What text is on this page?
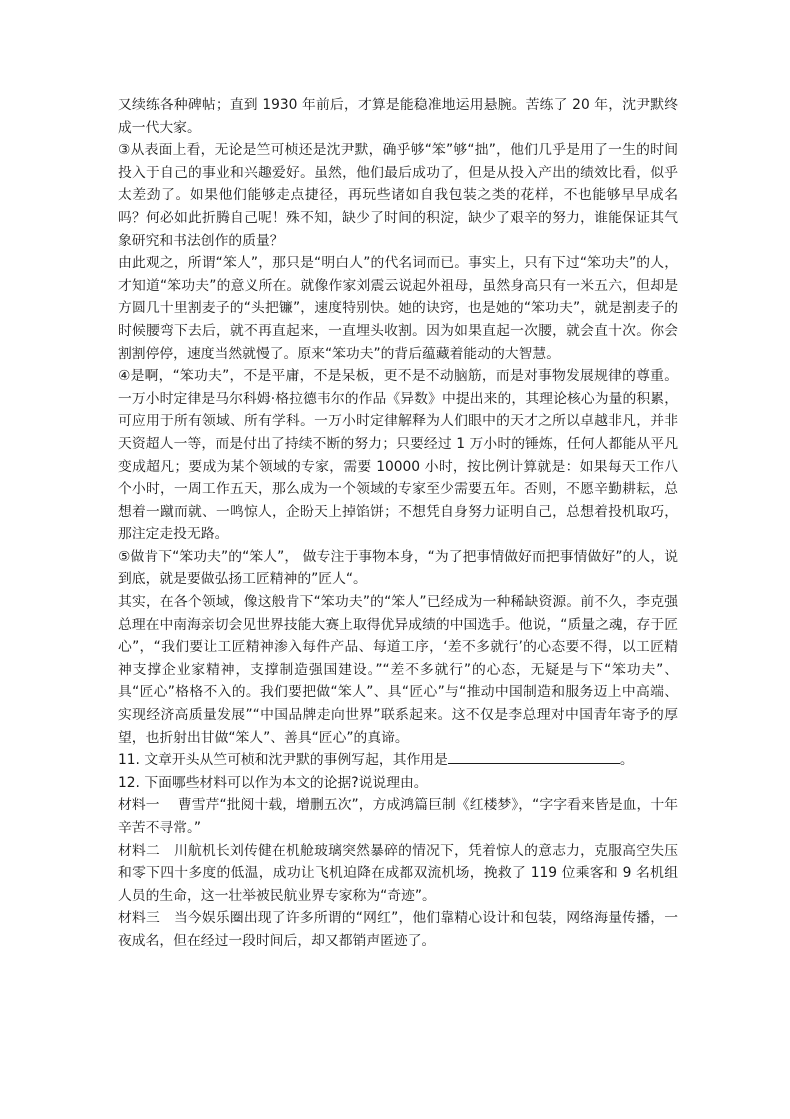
又续练各种碑帖；直到 1930 年前后，才算是能稳准地运用悬腕。苦练了 20 年，沈尹默终成一代大家。

③从表面上看，无论是竺可桢还是沈尹默，确乎够“笨”够“拙”，他们几乎是用了一生的时间投入于自己的事业和兴趣爱好。虽然，他们最后成功了，但是从投入产出的绩效比看，似乎太差劲了。如果他们能够走点捷径，再玩些诸如自我包装之类的花样，不也能够早早成名吗？何必如此折腾自己呢！殊不知，缺少了时间的积淀，缺少了艰辛的努力，谁能保证其气象研究和书法创作的质量？

由此观之，所谓“笨人”，那只是“明白人”的代名词而已。事实上，只有下过“笨功夫”的人，才知道“笨功夫”的意义所在。就像作家刘震云说起外祖母，虽然身高只有一米五六，但却是方圆几十里割麦子的“头把镰”，速度特别快。她的诀窍，也是她的“笨功夫”，就是割麦子的时候腰弯下去后，就不再直起来，一直埋头收割。因为如果直起一次腰，就会直十次。你会割割停停，速度当然就慢了。原来“笨功夫”的背后蕴藏着能动的大智慧。

④是啊，“笨功夫”，不是平庸，不是呆板，更不是不动脑筋，而是对事物发展规律的尊重。一万小时定律是马尔科姆·格拉德韦尔的作品《异数》中提出来的，其理论核心为量的积累，可应用于所有领域、所有学科。一万小时定律解释为人们眼中的天才之所以卓越非凡，并非天资超人一等，而是付出了持续不断的努力；只要经过 1 万小时的锤炼，任何人都能从平凡变成超凡；要成为某个领域的专家，需要 10000 小时，按比例计算就是：如果每天工作八个小时，一周工作五天，那么成为一个领域的专家至少需要五年。否则，不愿辛勤耕耘，总想着一蹴而就、一鸣惊人，企盼天上掉馅饼；不想凭自身努力证明自己，总想着投机取巧，那注定走投无路。

⑤做肯下“笨功夫”的“笨人”， 做专注于事物本身，“为了把事情做好而把事情做好”的人，说到底，就是要做弘扬工匠精神的”匠人“。

其实，在各个领域，像这般肯下“笨功夫”的“笨人”已经成为一种稀缺资源。前不久，李克强总理在中南海亲切会见世界技能大赛上取得优异成绩的中国选手。他说，“质量之魂，存于匠心”，“我们要让工匠精神渗入每件产品、每道工序，‘差不多就行’的心态要不得，以工匠精神支撑企业家精神，支撑制造强国建设。”“差不多就行”的心态，无疑是与下“笨功夫”、具“匠心”格格不入的。我们要把做“笨人”、具“匠心”与“推动中国制造和服务迈上中高端、实现经济高质量发展”“中国品牌走向世界”联系起来。这不仅是李总理对中国青年寄予的厚望，也折射出甘做“笨人”、善具“匠心”的真谛。

11. 文章开头从竺可桢和沈尹默的事例写起，其作用是	。

12. 下面哪些材料可以作为本文的论据?说说理由。

材料一　 曹雪芹“批阅十载，增删五次”，方成鸿篇巨制《红楼梦》，“字字看来皆是血，十年辛苦不寻常。”

材料二　川航机长刘传健在机舱玻璃突然暴碎的情况下，凭着惊人的意志力，克服高空失压和零下四十多度的低温，成功让飞机迫降在成都双流机场，挽救了 119 位乘客和 9 名机组人员的生命，这一壮举被民航业界专家称为“奇迹”。

材料三　当今娱乐圈出现了许多所谓的“网红”，他们靠精心设计和包装，网络海量传播，一夜成名，但在经过一段时间后，却又都销声匿迹了。
